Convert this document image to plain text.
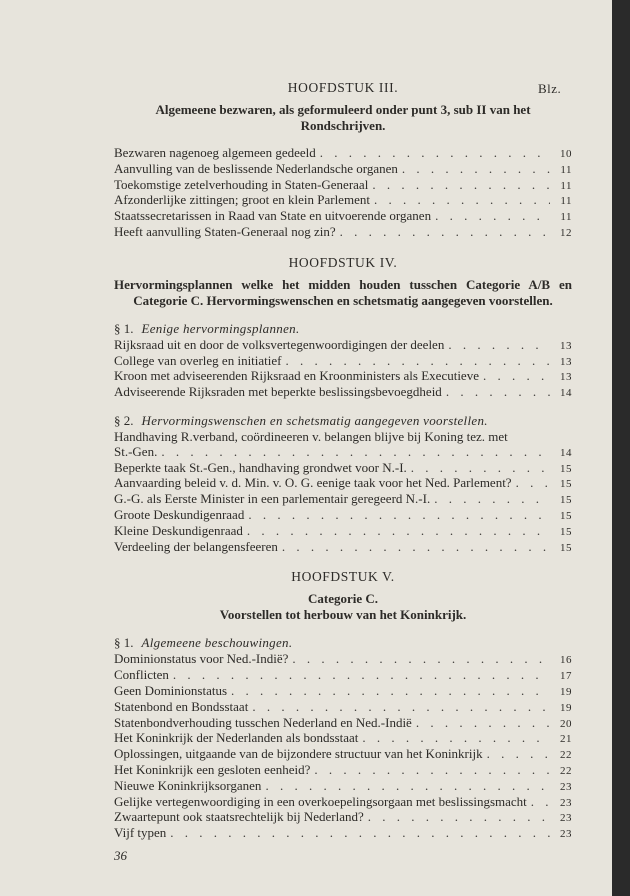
Blz.
HOOFDSTUK III.
Algemeene bezwaren, als geformuleerd onder punt 3, sub II van het
Rondschrijven.
Bezwaren nagenoeg algemeen gedeeld . . .	10
Aanvulling van de beslissende Nederlandsche organen . . .	11
Toekomstige zetelverhouding in Staten-Generaal . . .	11
Afzonderlijke zittingen; groot en klein Parlement . . .	11
Staatssecretarissen in Raad van State en uitvoerende organen . . .	11
Heeft aanvulling Staten-Generaal nog zin? . . .	12
HOOFDSTUK IV.
Hervormingsplannen welke het midden houden tusschen Categorie A/B en Categorie C. Hervormingswenschen en schetsmatig aangegeven voorstellen.
§ 1. Eenige hervormingsplannen.
Rijksraad uit en door de volksvertegenwoordigingen der deelen . . .	13
College van overleg en initiatief . . .	13
Kroon met adviseerenden Rijksraad en Kroonministers als Executieve . . .	13
Adviseerende Rijksraden met beperkte beslissingsbevoegdheid . . .	14
§ 2. Hervormingswenschen en schetsmatig aangegeven voorstellen.
Handhaving R.verband, coördineeren v. belangen blijve bij Koning tez. met
St.-Gen. . . .	14
Beperkte taak St.-Gen., handhaving grondwet voor N.-I. . . .	15
Aanvaarding beleid v. d. Min. v. O. G. eenige taak voor het Ned. Parlement? . . .	15
G.-G. als Eerste Minister in een parlementair geregeerd N.-I. . . .	15
Groote Deskundigenraad . . .	15
Kleine Deskundigenraad . . .	15
Verdeeling der belangensfeeren . . .	15
HOOFDSTUK V.
Categorie C.
Voorstellen tot herbouw van het Koninkrijk.
§ 1. Algemeene beschouwingen.
Dominionstatus voor Ned.-Indië? . . .	16
Conflicten . . .	17
Geen Dominionstatus . . .	19
Statenbond en Bondsstaat . . .	19
Statenbondverhouding tusschen Nederland en Ned.-Indië . . .	20
Het Koninkrijk der Nederlanden als bondsstaat . . .	21
Oplossingen, uitgaande van de bijzondere structuur van het Koninkrijk . . .	22
Het Koninkrijk een gesloten eenheid? . . .	22
Nieuwe Koninkrijksorganen . . .	23
Gelijke vertegenwoordiging in een overkoepelingsorgaan met beslissingsmacht . . .	23
Zwaartepunt ook staatsrechtelijk bij Nederland? . . .	23
Vijf typen . . .	23
36
